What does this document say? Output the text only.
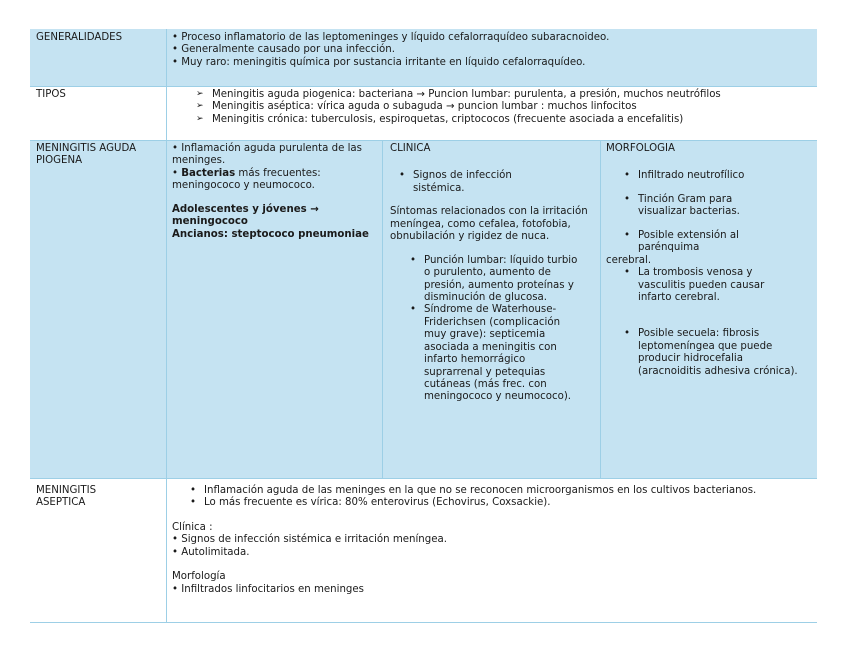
GENERALIDADES	• Proceso inflamatorio de las leptomeninges y líquido cefalorraquídeo subaracnoideo.

• Generalmente causado por una infección.

• Muy raro: meningitis química por sustancia irritante en líquido cefalorraquídeo.

TIPOS
➢	Meningitis aguda piogenica: bacteriana → Puncion lumbar: purulenta, a presión, muchos neutrófilos
➢ Meningitis aséptica: vírica aguda o subaguda → puncion lumbar : muchos linfocitos
➢ Meningitis crónica: tuberculosis, espiroquetas, criptococos (frecuente asociada a encefalitis)
MENINGITIS AGUDA PIOGENA

• Inflamación aguda purulenta de las meninges.

• Bacterias más frecuentes: meningococo y neumococo.

Adolescentes y jóvenes → meningococo

Ancianos: steptococo pneumoniae

CLINICA

• Signos de infección sistémica.

Síntomas relacionados con la irritación meníngea, como cefalea, fotofobia, obnubilación y rigidez de nuca.

• Punción lumbar: líquido turbio o purulento, aumento de presión, aumento proteínas y disminución de glucosa.
• Síndrome de Waterhouse-Friderichsen (complicación muy grave): septicemia asociada a meningitis con infarto hemorrágico suprarrenal y petequias cutáneas (más frec. con meningococo y neumococo).

MORFOLOGIA

• Infiltrado neutrofílico
• Tinción Gram para visualizar bacterias.
• Posible extensión al parénquima

cerebral.

• La trombosis venosa y vasculitis pueden causar infarto cerebral.
• Posible secuela: fibrosis leptomeníngea que puede producir hidrocefalia (aracnoiditis adhesiva crónica).
MENINGITIS ASEPTICA
• Inflamación aguda de las meninges en la que no se reconocen microorganismos en los cultivos bacterianos.
• Lo más frecuente es vírica: 80% enterovirus (Echovirus, Coxsackie).

Clínica :

• Signos de infección sistémica e irritación meníngea.

• Autolimitada.

Morfología

• Infiltrados linfocitarios en meninges
